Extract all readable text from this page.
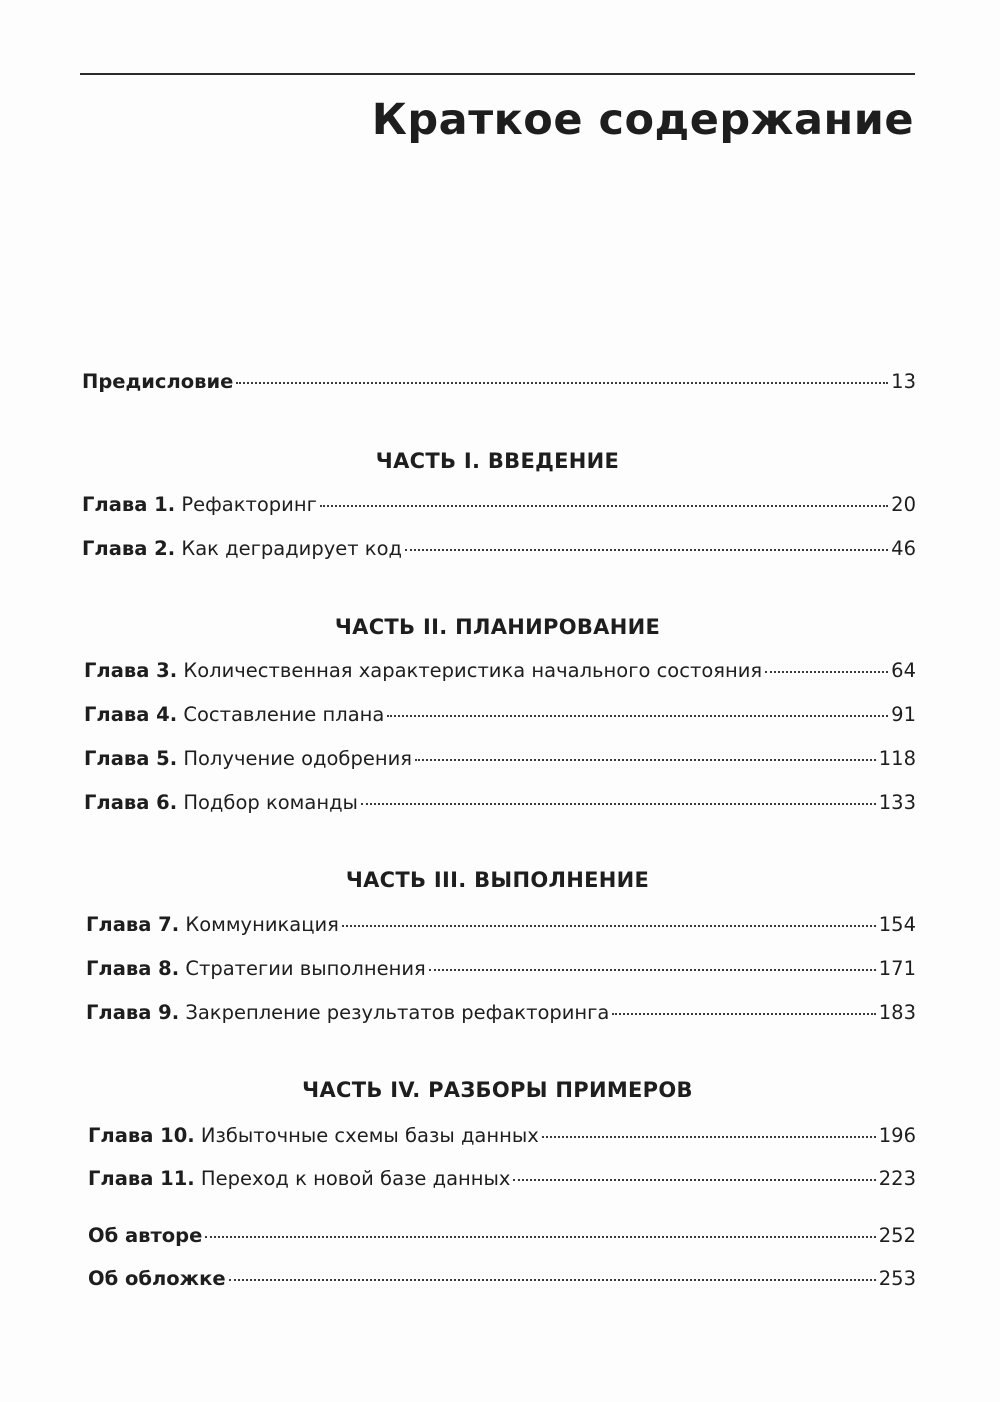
Краткое содержание
Предисловие	13
ЧАСТЬ I. ВВЕДЕНИЕ
Глава 1. Рефакторинг	20
Глава 2. Как деградирует код	46
ЧАСТЬ II. ПЛАНИРОВАНИЕ
Глава 3. Количественная характеристика начального состояния	64
Глава 4. Составление плана	91
Глава 5. Получение одобрения	118
Глава 6. Подбор команды	133
ЧАСТЬ III. ВЫПОЛНЕНИЕ
Глава 7. Коммуникация	154
Глава 8. Стратегии выполнения	171
Глава 9. Закрепление результатов рефакторинга	183
ЧАСТЬ IV. РАЗБОРЫ ПРИМЕРОВ
Глава 10. Избыточные схемы базы данных	196
Глава 11. Переход к новой базе данных	223
Об авторе	252
Об обложке	253
